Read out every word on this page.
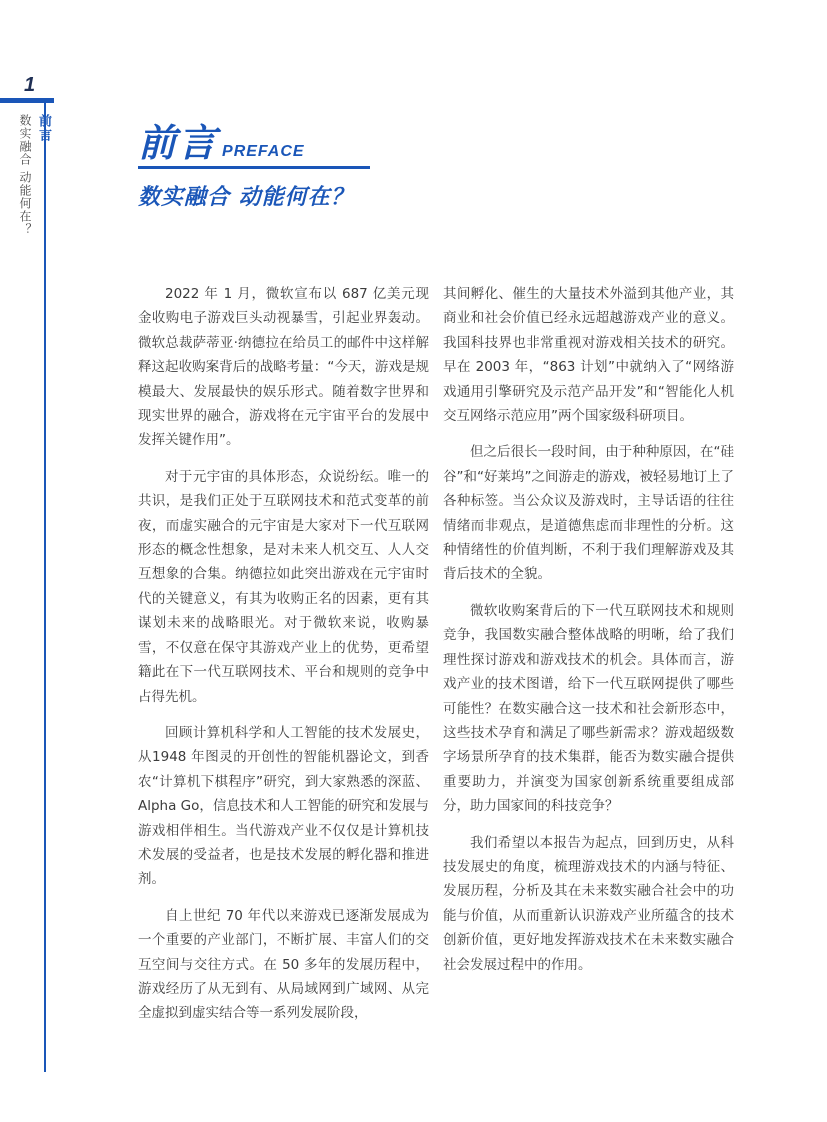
1
前言
数实融合 动能何在？	前言 PREFACE
数实融合 动能何在？

2022 年 1 月，微软宣布以 687 亿美元现金收购电子游戏巨头动视暴雪，引起业界轰动。微软总裁萨蒂亚·纳德拉在给员工的邮件中这样解释这起收购案背后的战略考量：“今天，游戏是规模最大、发展最快的娱乐形式。随着数字世界和现实世界的融合，游戏将在元宇宙平台的发展中发挥关键作用”。

对于元宇宙的具体形态，众说纷纭。唯一的共识，是我们正处于互联网技术和范式变革的前夜，而虚实融合的元宇宙是大家对下一代互联网形态的概念性想象，是对未来人机交互、人人交互想象的合集。纳德拉如此突出游戏在元宇宙时代的关键意义，有其为收购正名的因素，更有其谋划未来的战略眼光。对于微软来说，收购暴雪，不仅意在保守其游戏产业上的优势，更希望籍此在下一代互联网技术、平台和规则的竞争中占得先机。

回顾计算机科学和人工智能的技术发展史，从1948 年图灵的开创性的智能机器论文，到香农“计算机下棋程序”研究，到大家熟悉的深蓝、Alpha Go，信息技术和人工智能的研究和发展与游戏相伴相生。当代游戏产业不仅仅是计算机技术发展的受益者，也是技术发展的孵化器和推进剂。

自上世纪 70 年代以来游戏已逐渐发展成为一个重要的产业部门，不断扩展、丰富人们的交互空间与交往方式。在 50 多年的发展历程中，游戏经历了从无到有、从局域网到广域网、从完全虚拟到虚实结合等一系列发展阶段，

其间孵化、催生的大量技术外溢到其他产业，其商业和社会价值已经永远超越游戏产业的意义。我国科技界也非常重视对游戏相关技术的研究。早在 2003 年，“863 计划”中就纳入了“网络游戏通用引擎研究及示范产品开发”和“智能化人机交互网络示范应用”两个国家级科研项目。

但之后很长一段时间，由于种种原因，在“硅谷”和“好莱坞”之间游走的游戏，被轻易地订上了各种标签。当公众议及游戏时，主导话语的往往情绪而非观点，是道德焦虑而非理性的分析。这种情绪性的价值判断，不利于我们理解游戏及其背后技术的全貌。

微软收购案背后的下一代互联网技术和规则竞争，我国数实融合整体战略的明晰，给了我们理性探讨游戏和游戏技术的机会。具体而言，游戏产业的技术图谱，给下一代互联网提供了哪些可能性？在数实融合这一技术和社会新形态中，这些技术孕育和满足了哪些新需求？游戏超级数字场景所孕育的技术集群，能否为数实融合提供重要助力，并演变为国家创新系统重要组成部分，助力国家间的科技竞争？

我们希望以本报告为起点，回到历史，从科技发展史的角度，梳理游戏技术的内涵与特征、发展历程，分析及其在未来数实融合社会中的功能与价值，从而重新认识游戏产业所蕴含的技术创新价值，更好地发挥游戏技术在未来数实融合社会发展过程中的作用。
